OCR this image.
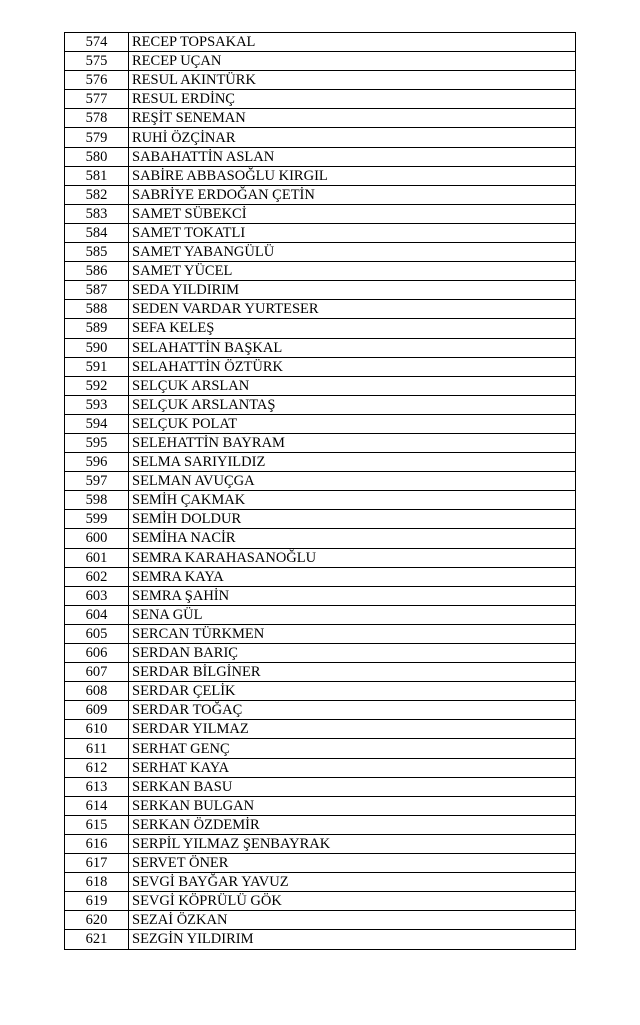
574	RECEP TOPSAKAL
575	RECEP UÇAN
576	RESUL AKINTÜRK
577	RESUL ERDİNÇ
578	REŞİT SENEMAN
579	RUHİ ÖZÇİNAR
580	SABAHATTİN ASLAN
581	SABİRE ABBASOĞLU KIRGIL
582	SABRİYE ERDOĞAN ÇETİN
583	SAMET SÜBEKCİ
584	SAMET TOKATLI
585	SAMET YABANGÜLÜ
586	SAMET YÜCEL
587	SEDA YILDIRIM
588	SEDEN VARDAR YURTESER
589	SEFA KELEŞ
590	SELAHATTİN BAŞKAL
591	SELAHATTİN ÖZTÜRK
592	SELÇUK ARSLAN
593	SELÇUK ARSLANTAŞ
594	SELÇUK POLAT
595	SELEHATTİN BAYRAM
596	SELMA SARIYILDIZ
597	SELMAN AVUÇGA
598	SEMİH ÇAKMAK
599	SEMİH DOLDUR
600	SEMİHA NACİR
601	SEMRA KARAHASANOĞLU
602	SEMRA KAYA
603	SEMRA ŞAHİN
604	SENA GÜL
605	SERCAN TÜRKMEN
606	SERDAN BARIÇ
607	SERDAR BİLGİNER
608	SERDAR ÇELİK
609	SERDAR TOĞAÇ
610	SERDAR YILMAZ
611	SERHAT GENÇ
612	SERHAT KAYA
613	SERKAN BASU
614	SERKAN BULGAN
615	SERKAN ÖZDEMİR
616	SERPİL YILMAZ ŞENBAYRAK
617	SERVET ÖNER
618	SEVGİ BAYĞAR YAVUZ
619	SEVGİ KÖPRÜLÜ GÖK
620	SEZAİ ÖZKAN
621	SEZGİN YILDIRIM
